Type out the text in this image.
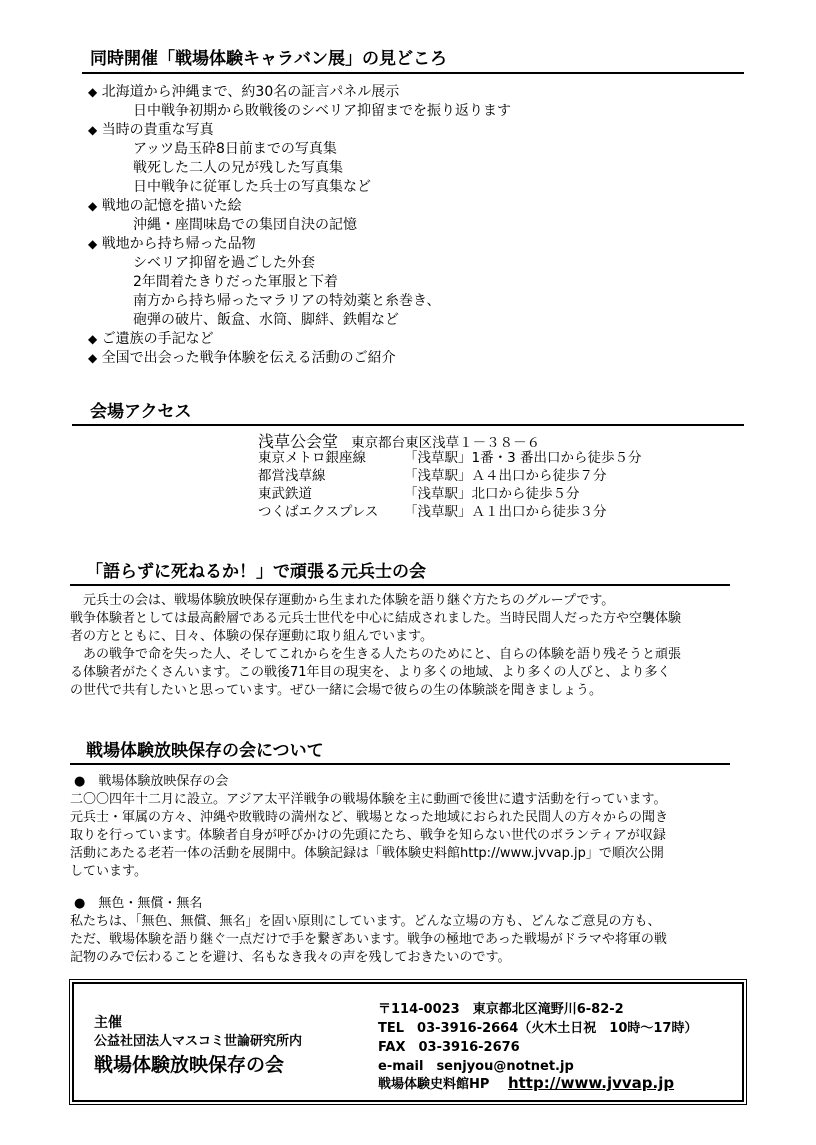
同時開催「戦場体験キャラバン展」の見どころ
◆ 北海道から沖縄まで、約30名の証言パネル展示
日中戦争初期から敗戦後のシベリア抑留までを振り返ります
◆ 当時の貴重な写真
アッツ島玉砕8日前までの写真集
戦死した二人の兄が残した写真集
日中戦争に従軍した兵士の写真集など
◆ 戦地の記憶を描いた絵
沖縄・座間味島での集団自決の記憶
◆ 戦地から持ち帰った品物
シベリア抑留を過ごした外套
2年間着たきりだった軍服と下着
南方から持ち帰ったマラリアの特効薬と糸巻き、
砲弾の破片、飯盒、水筒、脚絆、鉄帽など
◆ ご遺族の手記など
◆ 全国で出会った戦争体験を伝える活動のご紹介
会場アクセス
浅草公会堂 東京都台東区浅草１－３８－６
東京メトロ銀座線	「浅草駅」1番・3 番出口から徒歩５分
都営浅草線	「浅草駅」Ａ４出口から徒歩７分
東武鉄道	「浅草駅」北口から徒歩５分
つくばエクスプレス 「浅草駅」Ａ１出口から徒歩３分
「語らずに死ねるか！」で頑張る元兵士の会
　元兵士の会は、戦場体験放映保存運動から生まれた体験を語り継ぐ方たちのグループです。
戦争体験者としては最高齢層である元兵士世代を中心に結成されました。当時民間人だった方や空襲体験
者の方とともに、日々、体験の保存運動に取り組んでいます。
　あの戦争で命を失った人、そしてこれからを生きる人たちのためにと、自らの体験を語り残そうと頑張
る体験者がたくさんいます。この戦後71年目の現実を、より多くの地域、より多くの人びと、より多く
の世代で共有したいと思っています。ぜひ一緒に会場で彼らの生の体験談を聞きましょう。
戦場体験放映保存の会について
●　戦場体験放映保存の会
二〇〇四年十二月に設立。アジア太平洋戦争の戦場体験を主に動画で後世に遺す活動を行っています。
元兵士・軍属の方々、沖縄や敗戦時の満州など、戦場となった地域におられた民間人の方々からの聞き
取りを行っています。体験者自身が呼びかけの先頭にたち、戦争を知らない世代のボランティアが収録
活動にあたる老若一体の活動を展開中。体験記録は「戦体験史料館http://www.jvvap.jp」で順次公開
しています。
●　無色・無償・無名
私たちは、「無色、無償、無名」を固い原則にしています。どんな立場の方も、どんなご意見の方も、
ただ、戦場体験を語り継ぐ一点だけで手を繋ぎあいます。戦争の極地であった戦場がドラマや将軍の戦
記物のみで伝わることを避け、名もなき我々の声を残しておきたいのです。
主催
公益社団法人マスコミ世論研究所内
戦場体験放映保存の会
〒114-0023　東京都北区滝野川6-82-2
TEL　03-3916-2664（火木土日祝　10時～17時）
FAX　03-3916-2676
e-mail　senjyou@notnet.jp
戦場体験史料館HP http://www.jvvap.jp
